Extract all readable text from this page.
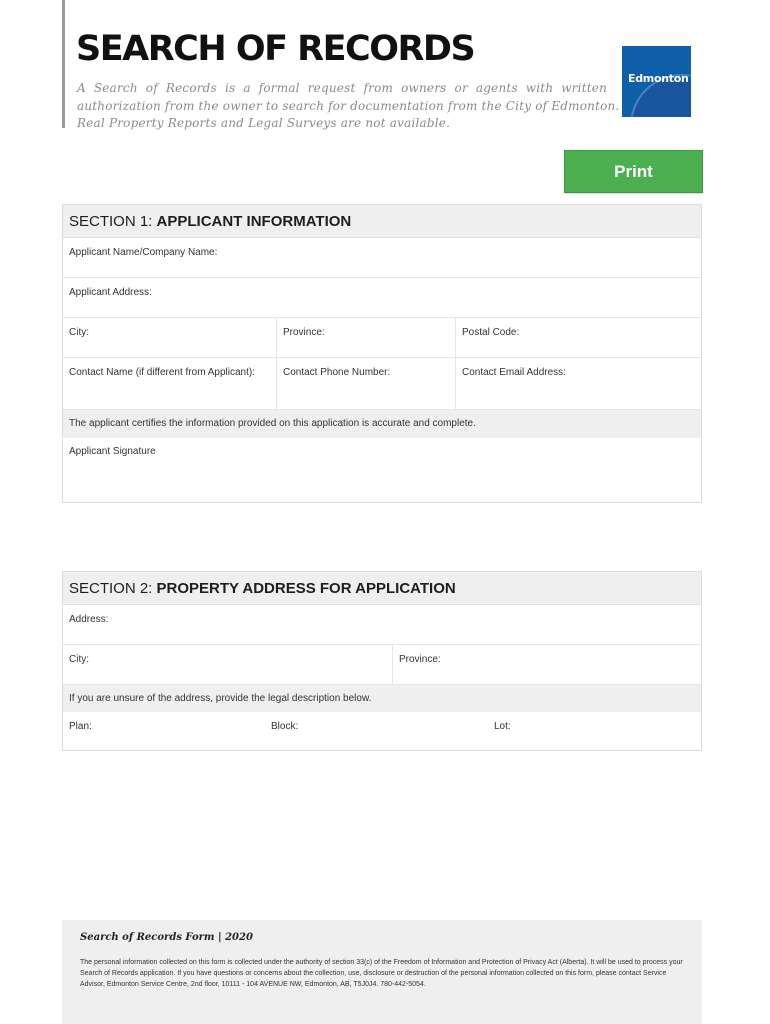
SEARCH OF RECORDS

A Search of Records is a formal request from owners or agents with written
authorization from the owner to search for documentation from the City of Edmonton.
Real Property Reports and Legal Surveys are not available.

Edmonton
Print
SECTION 1: APPLICANT INFORMATION
Applicant Name/Company Name:
Applicant Address:
City:	Province:	Postal Code:
Contact Name (if different from Applicant):	Contact Phone Number:	Contact Email Address:
The applicant certifies the information provided on this application is accurate and complete.
Applicant Signature
SECTION 2: PROPERTY ADDRESS FOR APPLICATION
Address:
City:	Province:
If you are unsure of the address, provide the legal description below.
Plan:	Block:	Lot:

Search of Records Form | 2020

The personal information collected on this form is collected under the authority of section 33(c) of the Freedom of Information and Protection of Privacy Act (Alberta). It will be used to process your Search of Records application. If you have questions or concerns about the collection, use, disclosure or destruction of the personal information collected on this form, please contact Service Advisor, Edmonton Service Centre, 2nd floor, 10111 - 104 AVENUE NW, Edmonton, AB, T5J0J4. 780-442-5054.
